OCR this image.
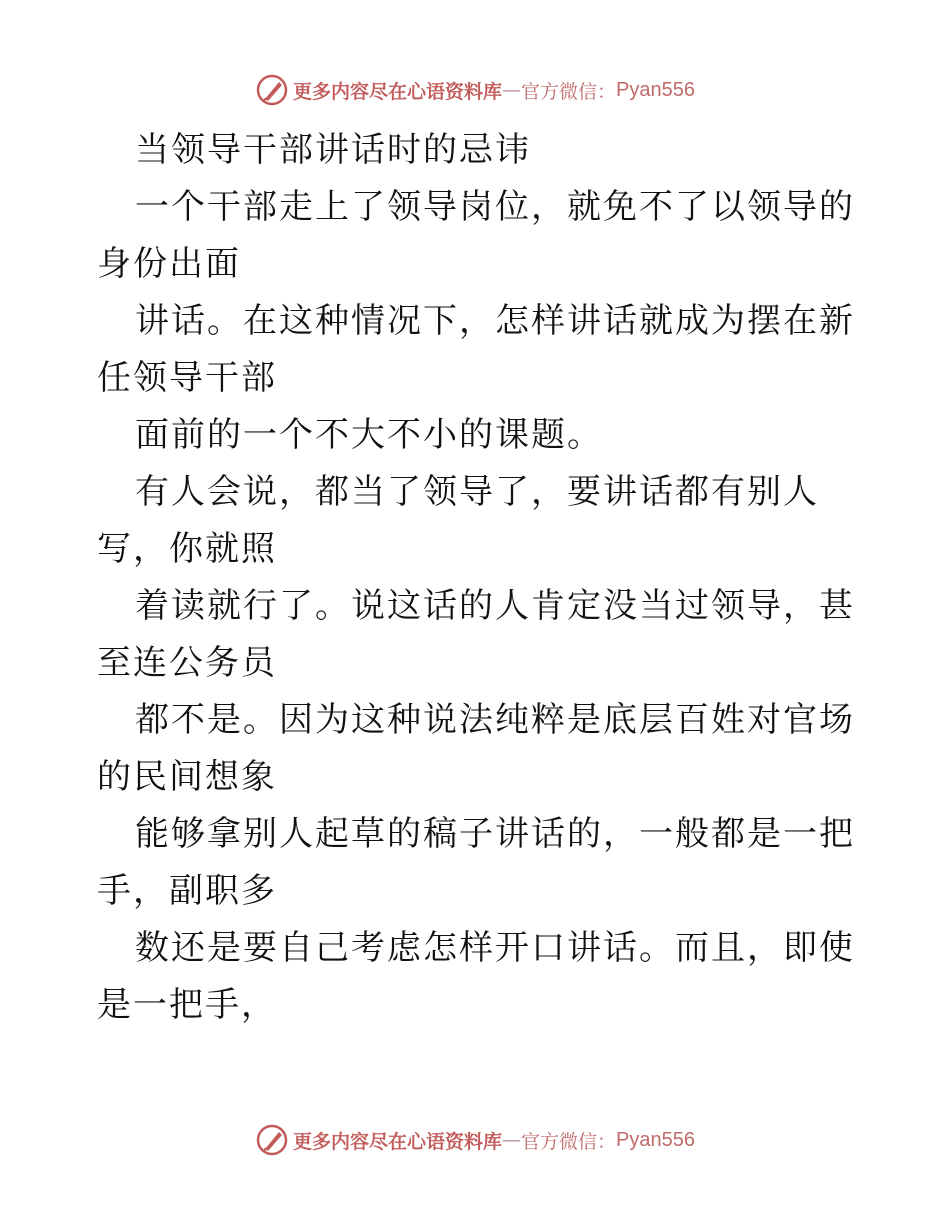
更多内容尽在心语资料库 — 官方微信： Pyan556

当领导干部讲话时的忌讳

一个干部走上了领导岗位，就免不了以领导的身份出面

讲话。在这种情况下，怎样讲话就成为摆在新任领导干部

面前的一个不大不小的课题。

有人会说，都当了领导了，要讲话都有别人写，你就照

着读就行了。说这话的人肯定没当过领导，甚至连公务员

都不是。因为这种说法纯粹是底层百姓对官场的民间想象

能够拿别人起草的稿子讲话的，一般都是一把手，副职多

数还是要自己考虑怎样开口讲话。而且，即使是一把手，

更多内容尽在心语资料库 — 官方微信： Pyan556
